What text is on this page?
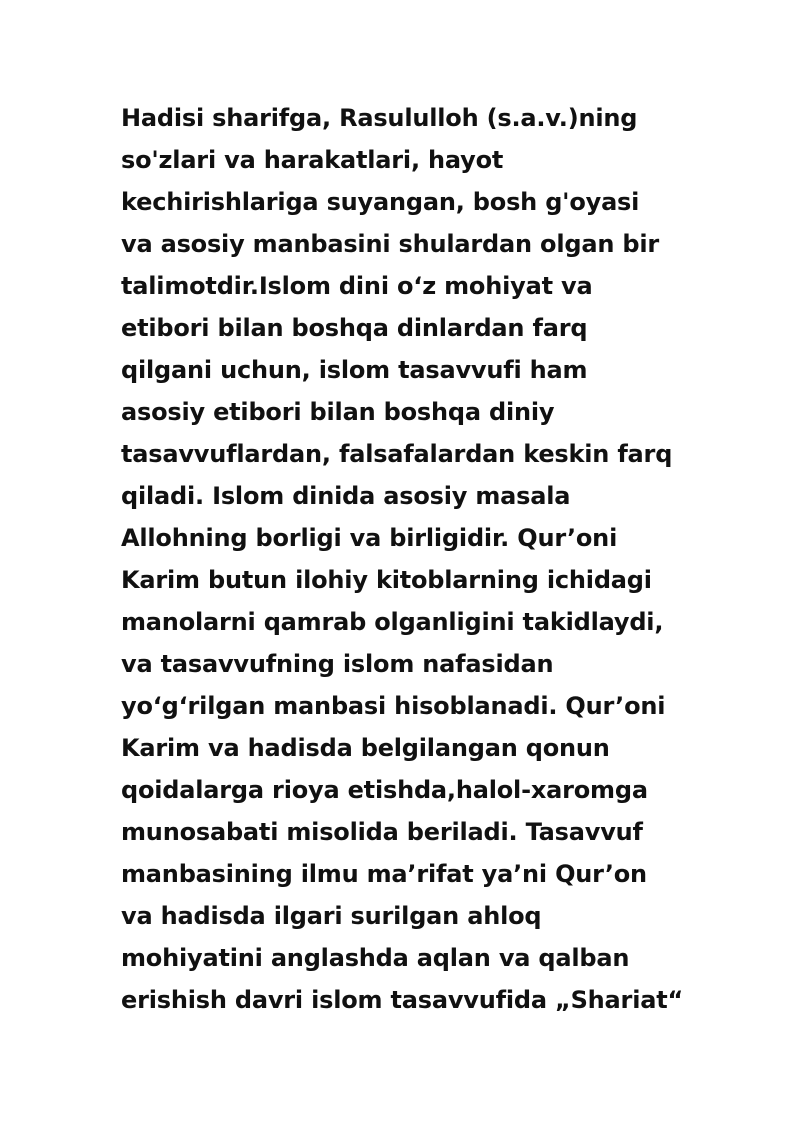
Hadisi sharifga, Rasululloh (s.a.v.)ning
so'zlari va harakatlari, hayot
kechirishlariga suyangan, bosh g'oyasi
va asosiy manbasini shulardan olgan bir
talimotdir.Islom dini o‘z mohiyat va
etibori bilan boshqa dinlardan farq
qilgani uchun, islom tasavvufi ham
asosiy etibori bilan boshqa diniy
tasavvuflardan, falsafalardan keskin farq
qiladi. Islom dinida asosiy masala
Allohning borligi va birligidir. Qur’oni
Karim butun ilohiy kitoblarning ichidagi
manolarni qamrab olganligini takidlaydi,
va tasavvufning islom nafasidan
yo‘g‘rilgan manbasi hisoblanadi. Qur’oni
Karim va hadisda belgilangan qonun
qoidalarga rioya etishda,halol-xaromga
munosabati misolida beriladi. Tasavvuf
manbasining ilmu ma’rifat ya’ni Qur’on
va hadisda ilgari surilgan ahloq
mohiyatini anglashda aqlan va qalban
erishish davri islom tasavvufida „Shariat“
